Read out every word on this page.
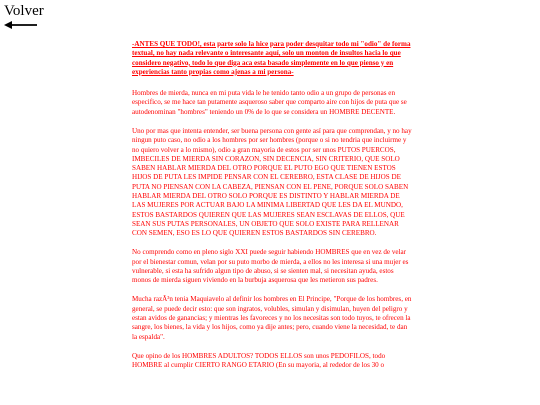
Volver

-ANTES QUE TODO!, esta parte solo la hice para poder desquitar todo mi "odio" de forma textual, no hay nada relevante o interesante aquí, solo un monton de insultos hacia lo que considero negativo, todo lo que diga aca esta basado simplemente en lo que pienso y en experiencias tanto propias como ajenas a mi persona-

Hombres de mierda, nunca en mi puta vida le he tenido tanto odio a un grupo de personas en especifico, se me hace tan putamente asqueroso saber que comparto aire con hijos de puta que se autodenominan "hombres" teniendo un 0% de lo que se considera un HOMBRE DECENTE.

Uno por mas que intenta entender, ser buena persona con gente así para que comprendan, y no hay ningun puto caso, no odio a los hombres por ser hombres (porque o si no tendria que incluirme y no quiero volver a lo mismo), odio a gran mayoria de estos por ser unos PUTOS PUERCOS, IMBECILES DE MIERDA SIN CORAZON, SIN DECENCIA, SIN CRITERIO, QUE SOLO SABEN HABLAR MIERDA DEL OTRO PORQUE EL PUTO EGO QUE TIENEN ESTOS HIJOS DE PUTA LES IMPIDE PENSAR CON EL CEREBRO, ESTA CLASE DE HIJOS DE PUTA NO PIENSAN CON LA CABEZA, PIENSAN CON EL PENE, PORQUE SOLO SABEN HABLAR MIERDA DEL OTRO SOLO PORQUE ES DISTINTO Y HABLAR MIERDA DE LAS MUJERES POR ACTUAR BAJO LA MINIMA LIBERTAD QUE LES DA EL MUNDO, ESTOS BASTARDOS QUIEREN QUE LAS MUJERES SEAN ESCLAVAS DE ELLOS, QUE SEAN SUS PUTAS PERSONALES, UN OBJETO QUE SOLO EXISTE PARA RELLENAR CON SEMEN, ESO ES LO QUE QUIEREN ESTOS BASTARDOS SIN CEREBRO.

No comprendo como en pleno siglo XXI puede seguir habiendo HOMBRES que en vez de velar por el bienestar comun, velan por su puto morbo de mierda, a ellos no les interesa si una mujer es vulnerable, si esta ha sufrido algun tipo de abuso, si se sienten mal, si necesitan ayuda, estos monos de mierda siguen viviendo en la burbuja asquerosa que les metieron sus padres.

Mucha razÃ³n tenia Maquiavelo al definir los hombres en El Principe, "Porque de los hombres, en general, se puede decir esto: que son ingratos, volubles, simulan y disimulan, huyen del peligro y estan avidos de ganancias; y mientras les favoreces y no los necesitas son todo tuyos, te ofrecen la sangre, los bienes, la vida y los hijos, como ya dije antes; pero, cuando viene la necesidad, te dan la espalda".

Que opino de los HOMBRES ADULTOS? TODOS ELLOS son unos PEDOFILOS, todo HOMBRE al cumplir CIERTO RANGO ETARIO (En su mayoria, al rededor de los 30 o
